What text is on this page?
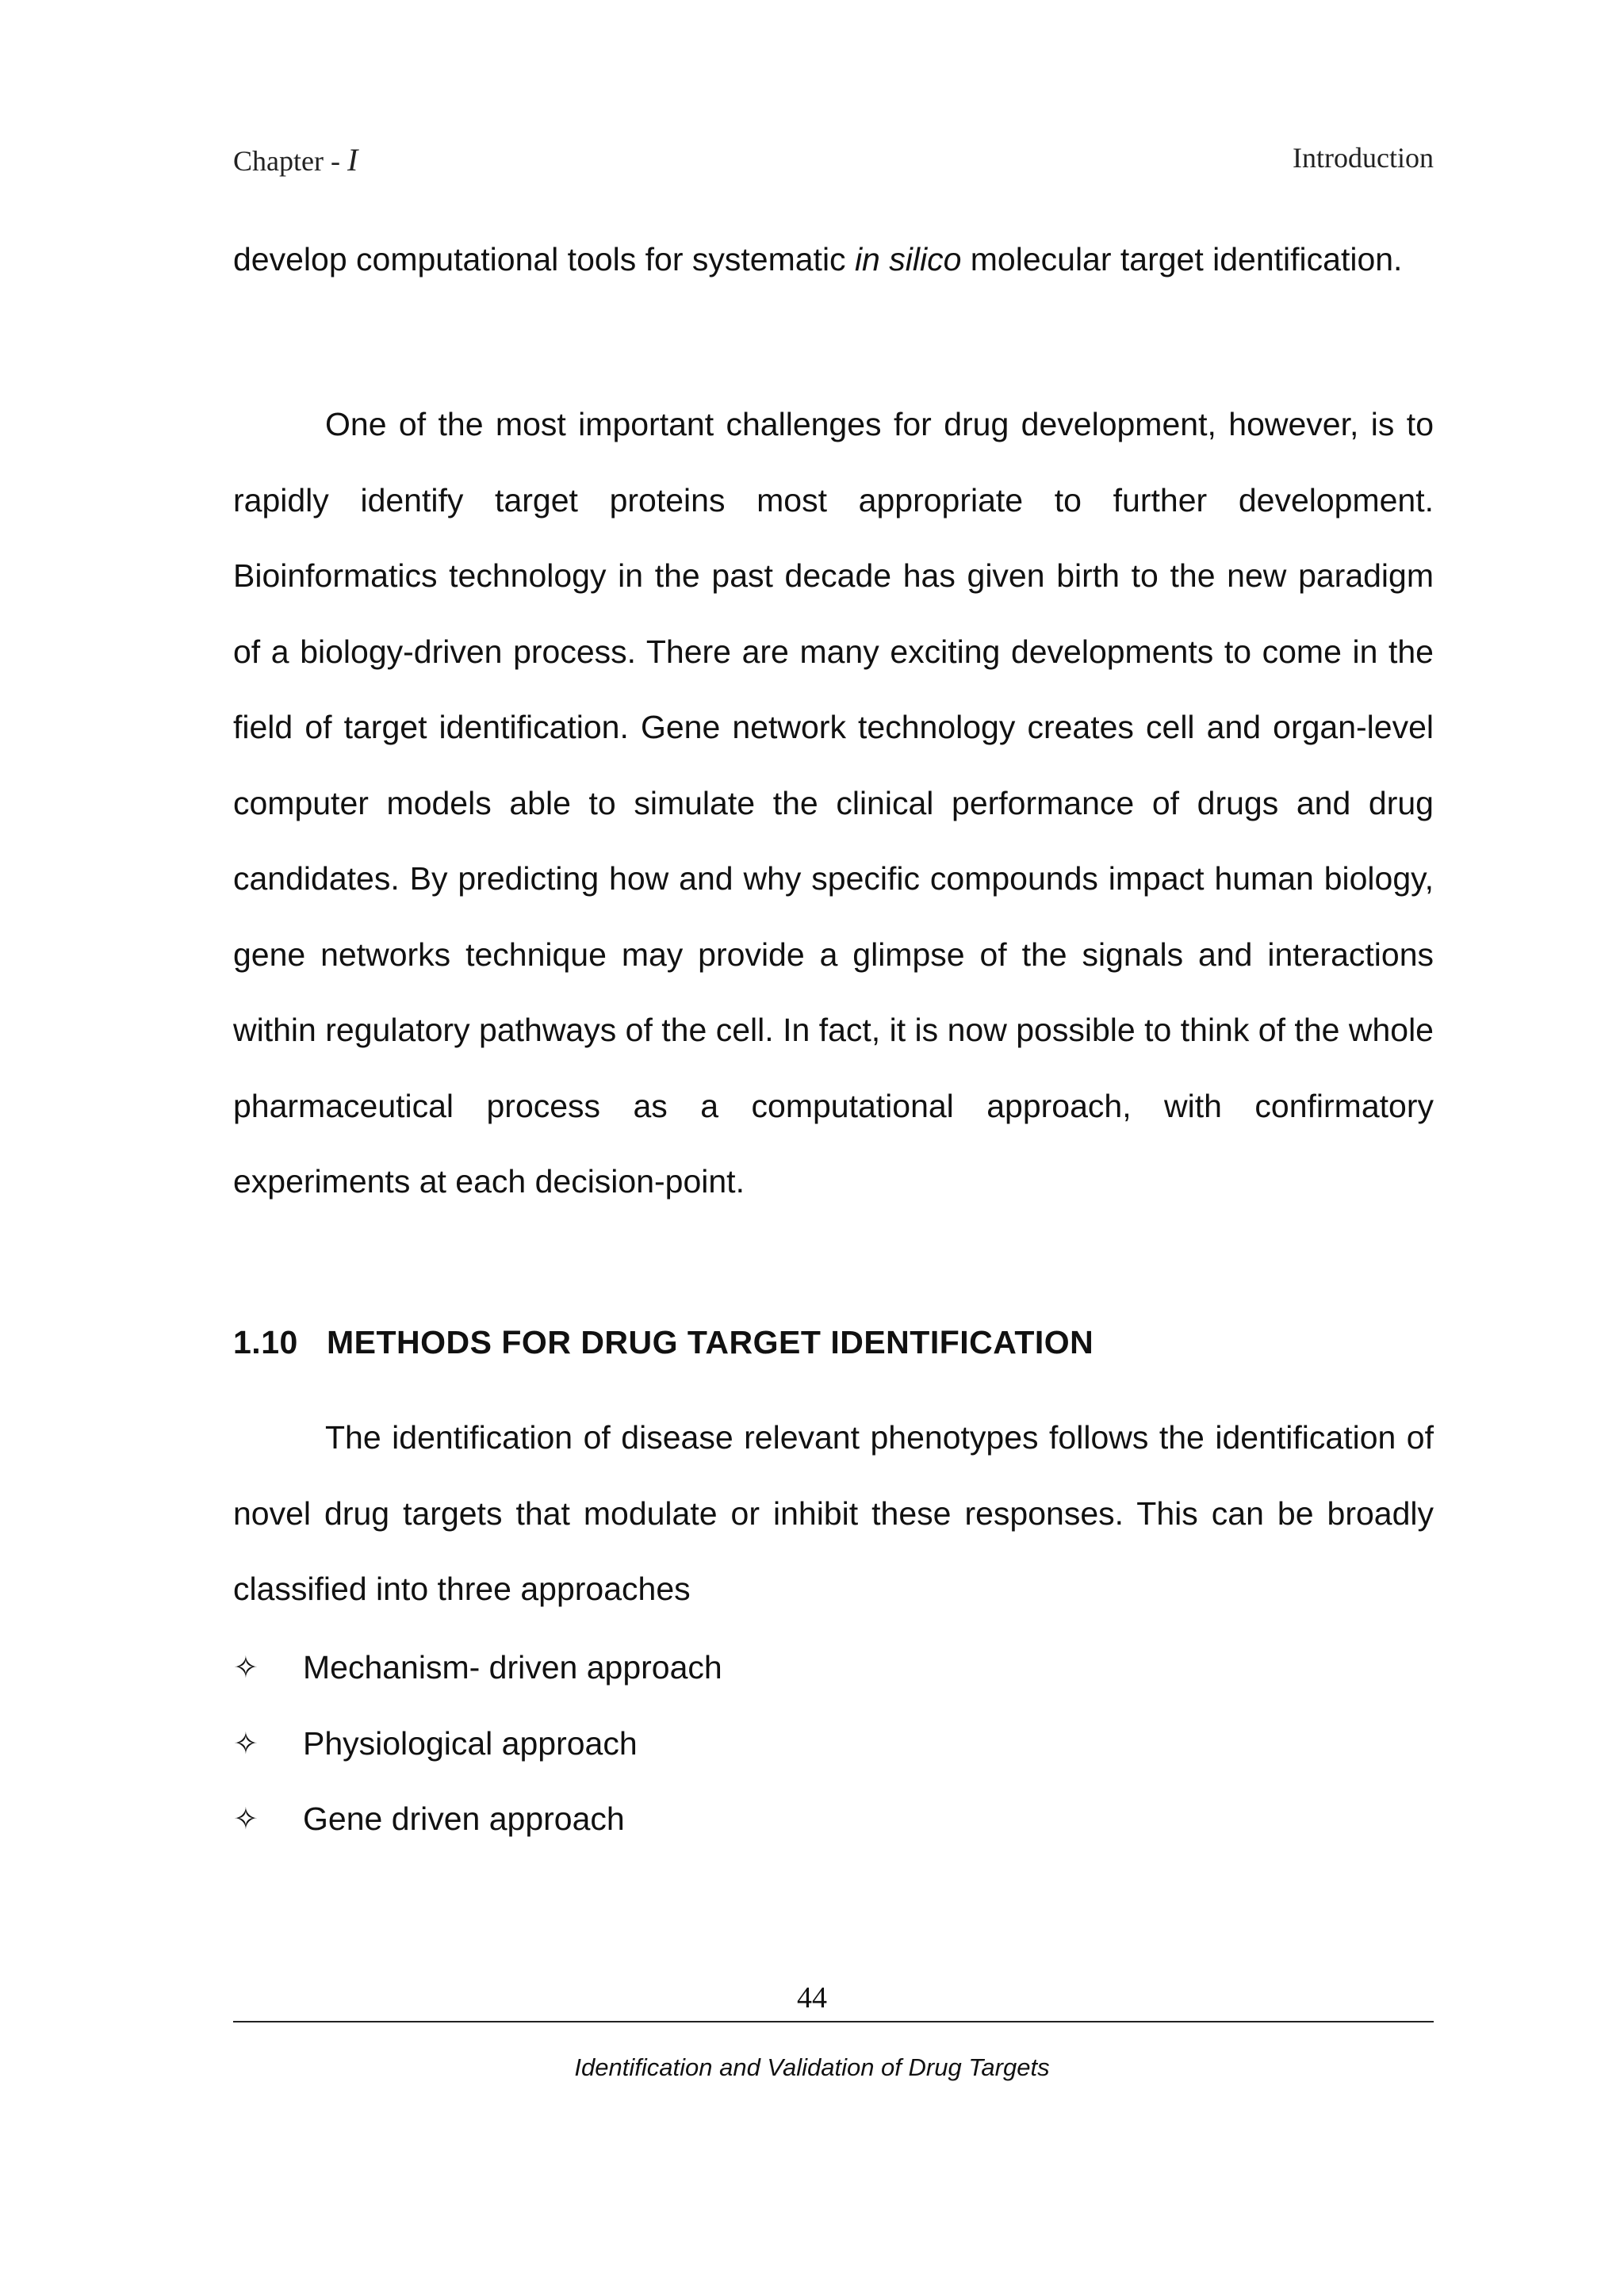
Chapter - I	Introduction

develop computational tools for systematic in silico molecular target identification.

One of the most important challenges for drug development, however, is to rapidly identify target proteins most appropriate to further development. Bioinformatics technology in the past decade has given birth to the new paradigm of a biology-driven process. There are many exciting developments to come in the field of target identification. Gene network technology creates cell and organ-level computer models able to simulate the clinical performance of drugs and drug candidates. By predicting how and why specific compounds impact human biology, gene networks technique may provide a glimpse of the signals and interactions within regulatory pathways of the cell. In fact, it is now possible to think of the whole pharmaceutical process as a computational approach, with confirmatory experiments at each decision-point.

1.10 METHODS FOR DRUG TARGET IDENTIFICATION

The identification of disease relevant phenotypes follows the identification of novel drug targets that modulate or inhibit these responses. This can be broadly classified into three approaches

✧ Mechanism- driven approach
✧ Physiological approach
✧ Gene driven approach
44
Identification and Validation of Drug Targets
